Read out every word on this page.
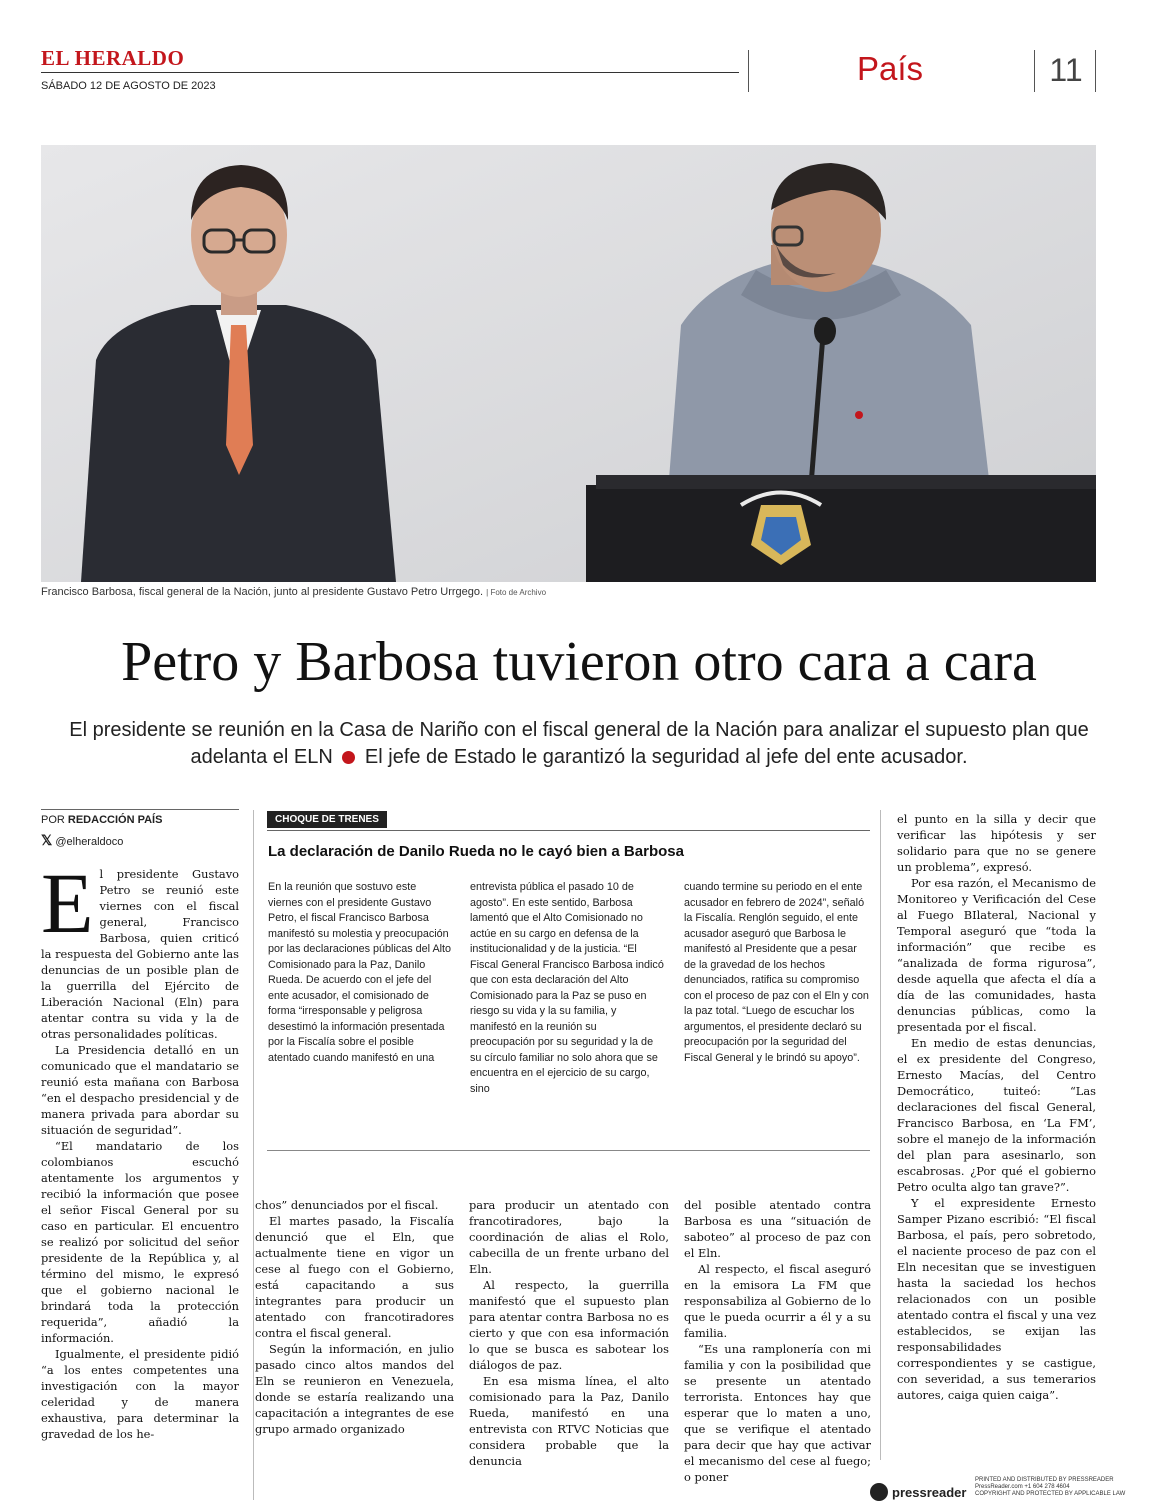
EL HERALDO
SÁBADO 12 DE AGOSTO DE 2023	País	11
Francisco Barbosa, fiscal general de la Nación, junto al presidente Gustavo Petro Urrgego. | Foto de Archivo
Petro y Barbosa tuvieron otro cara a cara
El presidente se reunión en la Casa de Nariño con el fiscal general de la Nación para analizar el supuesto plan que adelanta el ELN El jefe de Estado le garantizó la seguridad al jefe del ente acusador.
POR REDACCIÓN PAÍS
𝕏 @elheraldoco

El presidente Gustavo Petro se reunió este viernes con el fiscal general, Francisco Barbosa, quien criticó la respuesta del Gobierno ante las denuncias de un posible plan de la guerrilla del Ejército de Liberación Nacional (Eln) para atentar contra su vida y la de otras personalidades políticas.

La Presidencia detalló en un comunicado que el mandatario se reunió esta mañana con Barbosa “en el despacho presidencial y de manera privada para abordar su situación de seguridad”.

“El mandatario de los colombianos escuchó atentamente los argumentos y recibió la información que posee el señor Fiscal General por su caso en particular. El encuentro se realizó por solicitud del señor presidente de la República y, al término del mismo, le expresó que el gobierno nacional le brindará toda la protección requerida”, añadió la información.

Igualmente, el presidente pidió “a los entes competentes una investigación con la mayor celeridad y de manera exhaustiva, para determinar la gravedad de los he-

CHOQUE DE TRENES
La declaración de Danilo Rueda no le cayó bien a Barbosa
En la reunión que sostuvo este viernes con el presidente Gustavo Petro, el fiscal Francisco Barbosa manifestó su molestia y preocupación por las declaraciones públicas del Alto Comisionado para la Paz, Danilo Rueda. De acuerdo con el jefe del ente acusador, el comisionado de forma “irresponsable y peligrosa desestimó la información presentada por la Fiscalía sobre el posible atentado cuando manifestó en una
entrevista pública el pasado 10 de agosto”. En este sentido, Barbosa lamentó que el Alto Comisionado no actúe en su cargo en defensa de la institucionalidad y de la justicia. “El Fiscal General Francisco Barbosa indicó que con esta declaración del Alto Comisionado para la Paz se puso en riesgo su vida y la su familia, y manifestó en la reunión su preocupación por su seguridad y la de su círculo familiar no solo ahora que se encuentra en el ejercicio de su cargo, sino
cuando termine su periodo en el ente acusador en febrero de 2024”, señaló la Fiscalía. Renglón seguido, el ente acusador aseguró que Barbosa le manifestó al Presidente que a pesar de la gravedad de los hechos denunciados, ratifica su compromiso con el proceso de paz con el Eln y con la paz total. “Luego de escuchar los argumentos, el presidente declaró su preocupación por la seguridad del Fiscal General y le brindó su apoyo”.

chos” denunciados por el fiscal.

El martes pasado, la Fiscalía denunció que el Eln, que actualmente tiene en vigor un cese al fuego con el Gobierno, está capacitando a sus integrantes para producir un atentado con francotiradores contra el fiscal general.

Según la información, en julio pasado cinco altos mandos del Eln se reunieron en Venezuela, donde se estaría realizando una capacitación a integrantes de ese grupo armado organizado

para producir un atentado con francotiradores, bajo la coordinación de alias el Rolo, cabecilla de un frente urbano del Eln.

Al respecto, la guerrilla manifestó que el supuesto plan para atentar contra Barbosa no es cierto y que con esa información lo que se busca es sabotear los diálogos de paz.

En esa misma línea, el alto comisionado para la Paz, Danilo Rueda, manifestó en una entrevista con RTVC Noticias que considera probable que la denuncia

del posible atentado contra Barbosa es una “situación de saboteo” al proceso de paz con el Eln.

Al respecto, el fiscal aseguró en la emisora La FM que responsabiliza al Gobierno de lo que le pueda ocurrir a él y a su familia.

“Es una ramplonería con mi familia y con la posibilidad que se presente un atentado terrorista. Entonces hay que esperar que lo maten a uno, que se verifique el atentado para decir que hay que activar el mecanismo del cese al fuego; o poner

el punto en la silla y decir que verificar las hipótesis y ser solidario para que no se genere un problema”, expresó.

Por esa razón, el Mecanismo de Monitoreo y Verificación del Cese al Fuego BIlateral, Nacional y Temporal aseguró que “toda la información” que recibe es “analizada de forma rigurosa”, desde aquella que afecta el día a día de las comunidades, hasta denuncias públicas, como la presentada por el fiscal.

En medio de estas denuncias, el ex presidente del Congreso, Ernesto Macías, del Centro Democrático, tuiteó: “Las declaraciones del fiscal General, Francisco Barbosa, en ‘La FM’, sobre el manejo de la información del plan para asesinarlo, son escabrosas. ¿Por qué el gobierno Petro oculta algo tan grave?”.

Y el expresidente Ernesto Samper Pizano escribió: “El fiscal Barbosa, el país, pero sobretodo, el naciente proceso de paz con el Eln necesitan que se investiguen hasta la saciedad los hechos relacionados con un posible atentado contra el fiscal y una vez establecidos, se exijan las responsabilidades correspondientes y se castigue, con severidad, a sus temerarios autores, caiga quien caiga”.

pressreader
PRINTED AND DISTRIBUTED BY PRESSREADER
PressReader.com +1 604 278 4604
COPYRIGHT AND PROTECTED BY APPLICABLE LAW
